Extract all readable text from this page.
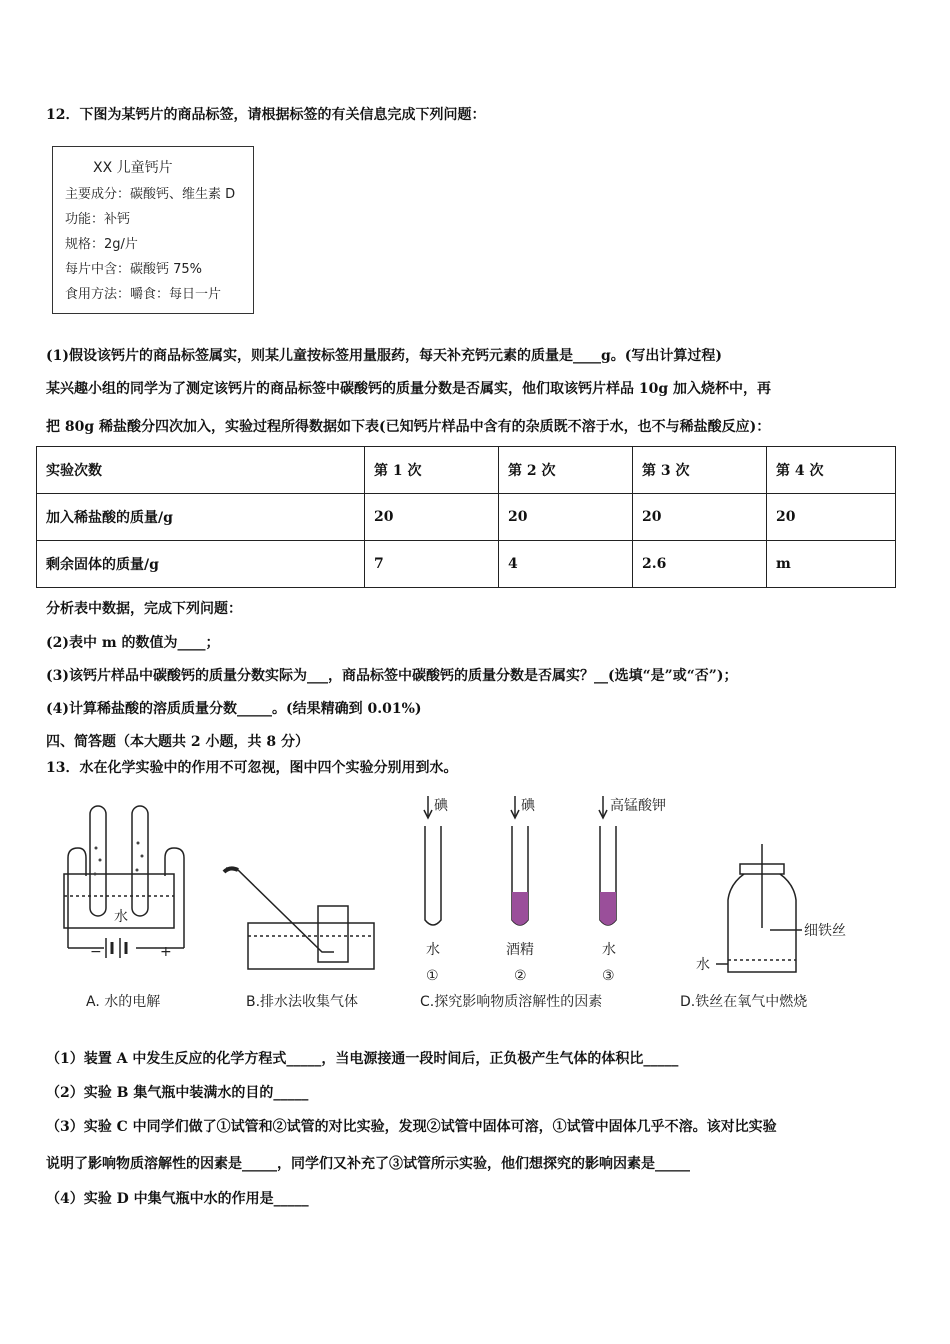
12．下图为某钙片的商品标签，请根据标签的有关信息完成下列问题：
XX 儿童钙片
主要成分：碳酸钙、维生素 D
功能：补钙
规格：2g/片
每片中含：碳酸钙 75%
食用方法：嚼食：每日一片
(1)假设该钙片的商品标签属实，则某儿童按标签用量服药，每天补充钙元素的质量是____g。(写出计算过程)
某兴趣小组的同学为了测定该钙片的商品标签中碳酸钙的质量分数是否属实，他们取该钙片样品 10g 加入烧杯中，再
把 80g 稀盐酸分四次加入，实验过程所得数据如下表(已知钙片样品中含有的杂质既不溶于水，也不与稀盐酸反应)：
实验次数	第 1 次	第 2 次	第 3 次	第 4 次
加入稀盐酸的质量/g	20	20	20	20
剩余固体的质量/g	7	4	2.6	m
分析表中数据，完成下列问题：
(2)表中 m 的数值为____；
(3)该钙片样品中碳酸钙的质量分数实际为___，商品标签中碳酸钙的质量分数是否属实？__(选填“是”或“否”)；
(4)计算稀盐酸的溶质质量分数_____。(结果精确到 0.01%)
四、简答题（本大题共 2 小题，共 8 分）
13．水在化学实验中的作用不可忽视，图中四个实验分别用到水。
水
−	+
A. 水的电解	B.排水法收集气体
碘	碘	高锰酸钾
水	酒精	水
①	②	③
C.探究影响物质溶解性的因素
细铁丝
水
D.铁丝在氧气中燃烧
（1）装置 A 中发生反应的化学方程式_____，当电源接通一段时间后，正负极产生气体的体积比_____
（2）实验 B 集气瓶中装满水的目的_____
（3）实验 C 中同学们做了①试管和②试管的对比实验，发现②试管中固体可溶，①试管中固体几乎不溶。该对比实验
说明了影响物质溶解性的因素是_____，同学们又补充了③试管所示实验，他们想探究的影响因素是_____
（4）实验 D 中集气瓶中水的作用是_____
